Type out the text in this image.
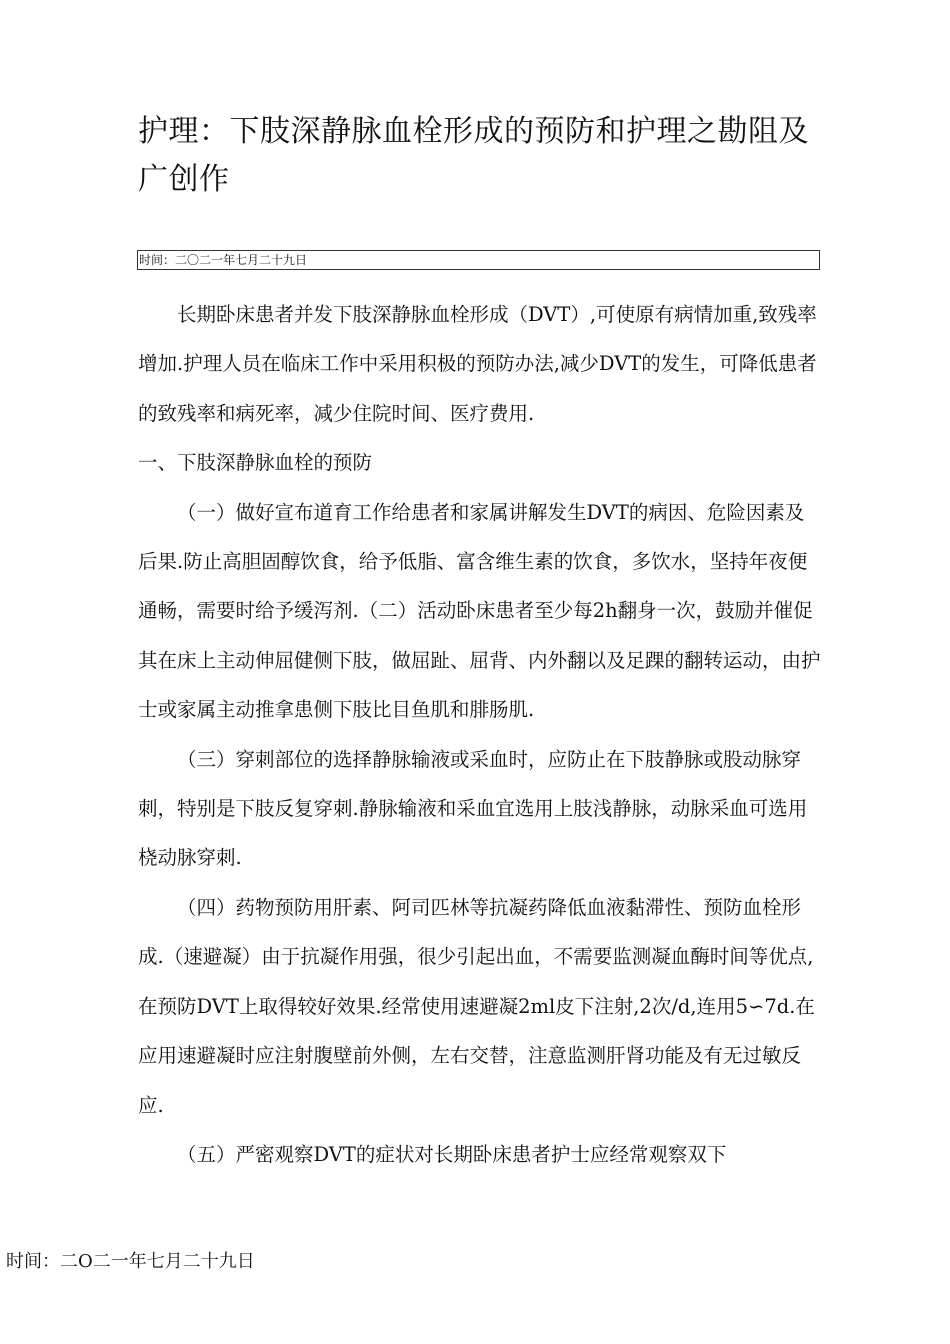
护理：下肢深静脉血栓形成的预防和护理之勘阻及广创作
时间：二〇二一年七月二十九日

长期卧床患者并发下肢深静脉血栓形成（DVT）,可使原有病情加重,致残率增加.护理人员在临床工作中采用积极的预防办法,减少DVT的发生，可降低患者的致残率和病死率，减少住院时间、医疗费用.

一、下肢深静脉血栓的预防

（一）做好宣布道育工作给患者和家属讲解发生DVT的病因、危险因素及后果.防止高胆固醇饮食，给予低脂、富含维生素的饮食，多饮水，坚持年夜便通畅，需要时给予缓泻剂.（二）活动卧床患者至少每2h翻身一次，鼓励并催促其在床上主动伸屈健侧下肢，做屈趾、屈背、内外翻以及足踝的翻转运动，由护士或家属主动推拿患侧下肢比目鱼肌和腓肠肌.

（三）穿刺部位的选择静脉输液或采血时，应防止在下肢静脉或股动脉穿刺，特别是下肢反复穿刺.静脉输液和采血宜选用上肢浅静脉，动脉采血可选用桡动脉穿刺.

（四）药物预防用肝素、阿司匹林等抗凝药降低血液黏滞性、预防血栓形成.（速避凝）由于抗凝作用强，很少引起出血，不需要监测凝血酶时间等优点,在预防DVT上取得较好效果.经常使用速避凝2ml皮下注射,2次/d,连用5∽7d.在应用速避凝时应注射腹壁前外侧，左右交替，注意监测肝肾功能及有无过敏反应.

（五）严密观察DVT的症状对长期卧床患者护士应经常观察双下

时间：二O二一年七月二十九日
